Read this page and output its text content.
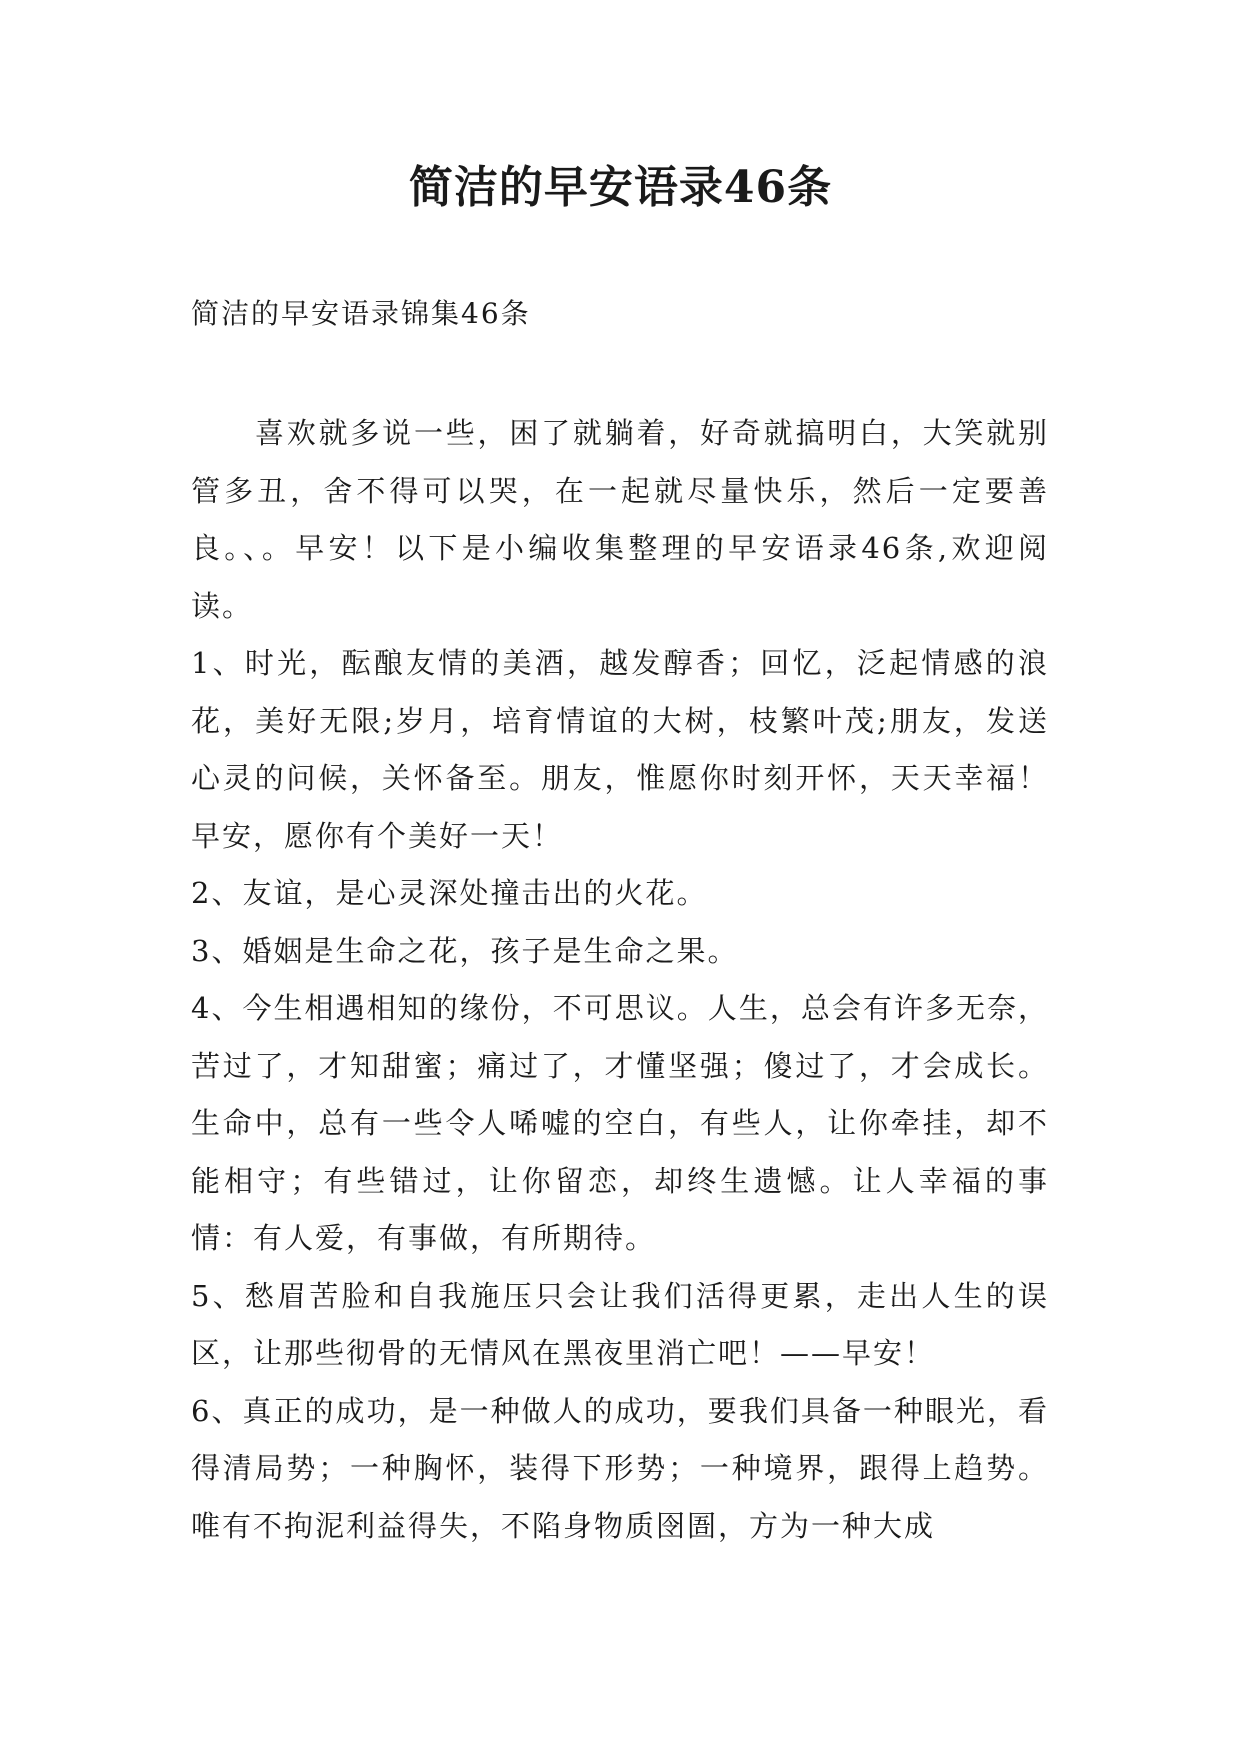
简洁的早安语录46条

简洁的早安语录锦集46条

喜欢就多说一些，困了就躺着，好奇就搞明白，大笑就别管多丑，舍不得可以哭，在一起就尽量快乐，然后一定要善良。、。早安！以下是小编收集整理的早安语录46条,欢迎阅读。

1、时光，酝酿友情的美酒，越发醇香；回忆，泛起情感的浪花，美好无限;岁月，培育情谊的大树，枝繁叶茂;朋友，发送心灵的问候，关怀备至。朋友，惟愿你时刻开怀，天天幸福！早安，愿你有个美好一天！

2、友谊，是心灵深处撞击出的火花。

3、婚姻是生命之花，孩子是生命之果。

4、今生相遇相知的缘份，不可思议。人生，总会有许多无奈，苦过了，才知甜蜜；痛过了，才懂坚强；傻过了，才会成长。生命中，总有一些令人唏嘘的空白，有些人，让你牵挂，却不能相守；有些错过，让你留恋，却终生遗憾。让人幸福的事情：有人爱，有事做，有所期待。

5、愁眉苦脸和自我施压只会让我们活得更累，走出人生的误区，让那些彻骨的无情风在黑夜里消亡吧！——早安！

6、真正的成功，是一种做人的成功，要我们具备一种眼光，看得清局势；一种胸怀，装得下形势；一种境界，跟得上趋势。唯有不拘泥利益得失，不陷身物质囹圄，方为一种大成
